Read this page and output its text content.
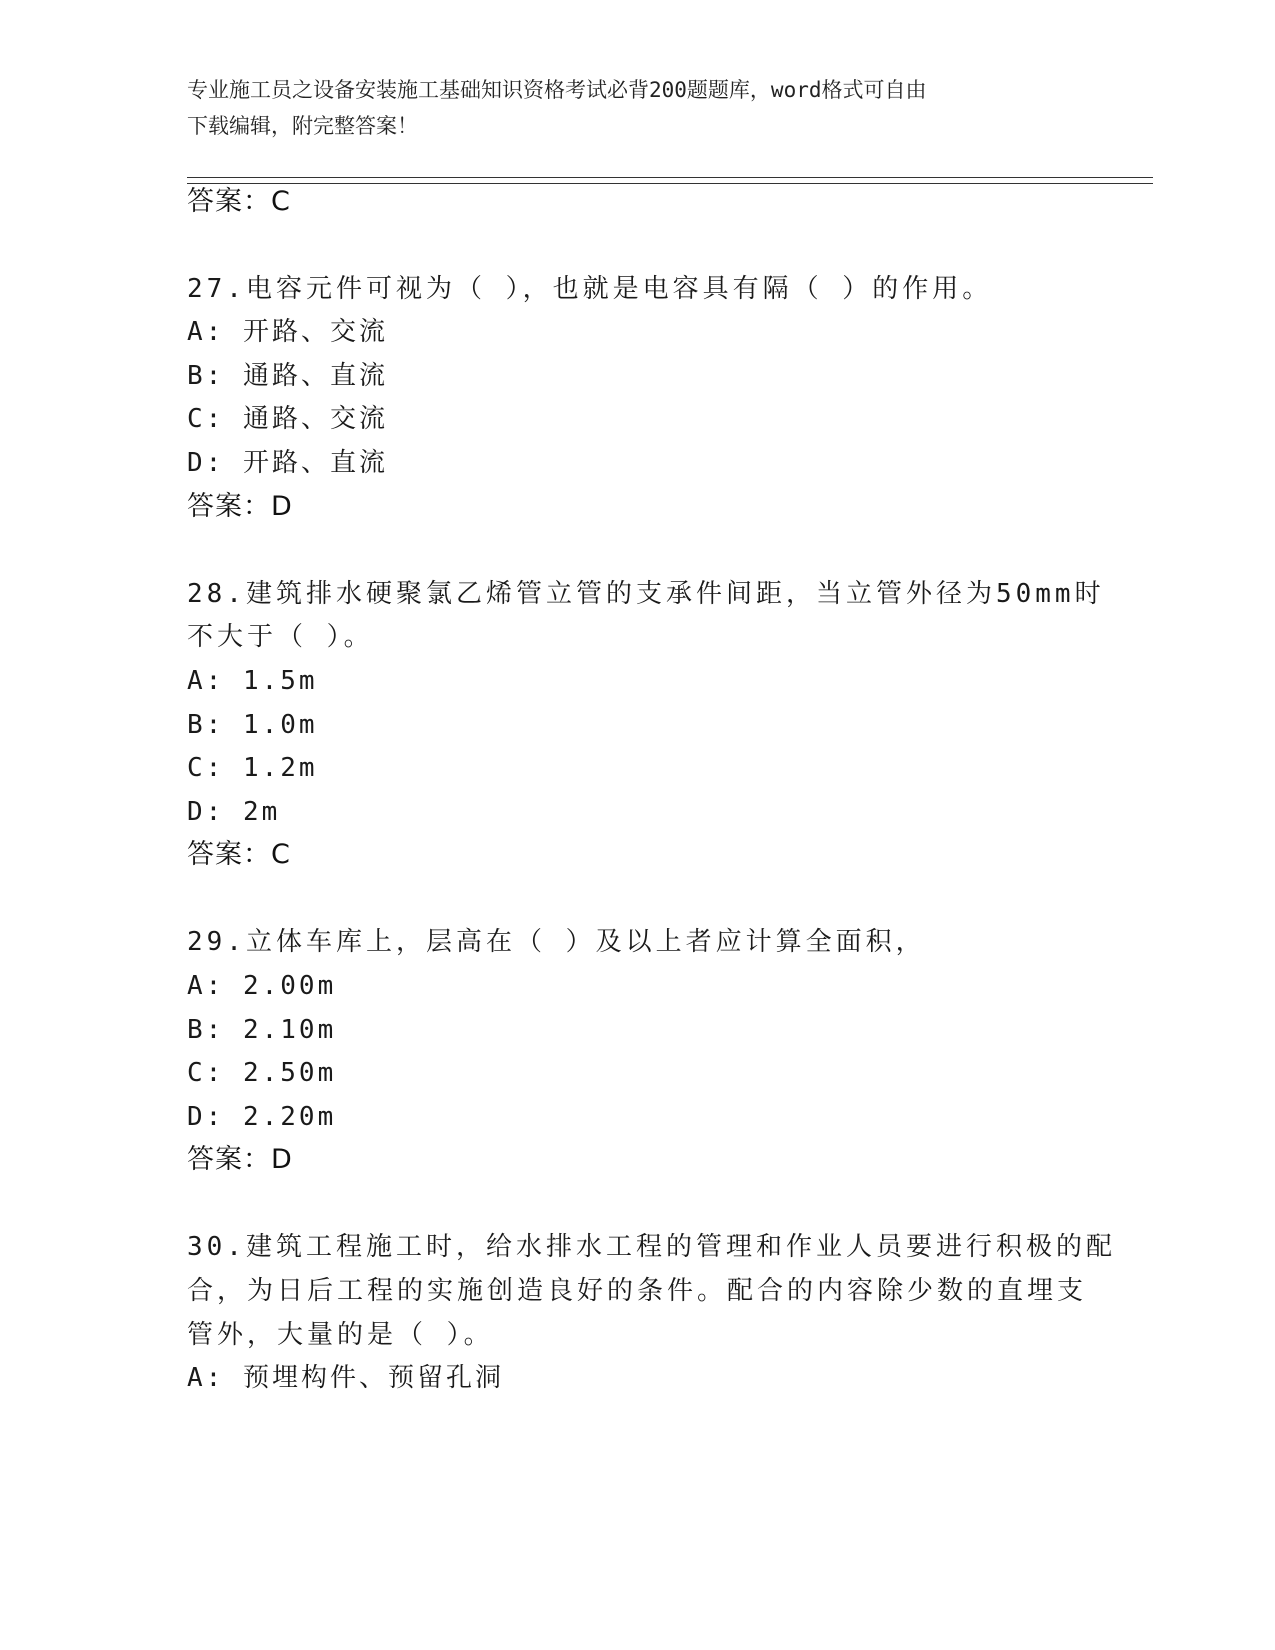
专业施工员之设备安装施工基础知识资格考试必背200题题库，word格式可自由
下载编辑，附完整答案！
答案：C
27.电容元件可视为（ ），也就是电容具有隔（ ）的作用。
A: 开路、交流
B: 通路、直流
C: 通路、交流
D: 开路、直流
答案：D
28.建筑排水硬聚氯乙烯管立管的支承件间距，当立管外径为50mm时
不大于（ ）。
A: 1.5m
B: 1.0m
C: 1.2m
D: 2m
答案：C
29.立体车库上，层高在（ ）及以上者应计算全面积，
A: 2.00m
B: 2.10m
C: 2.50m
D: 2.20m
答案：D
30.建筑工程施工时，给水排水工程的管理和作业人员要进行积极的配
合，为日后工程的实施创造良好的条件。配合的内容除少数的直埋支
管外，大量的是（ ）。
A: 预埋构件、预留孔洞
